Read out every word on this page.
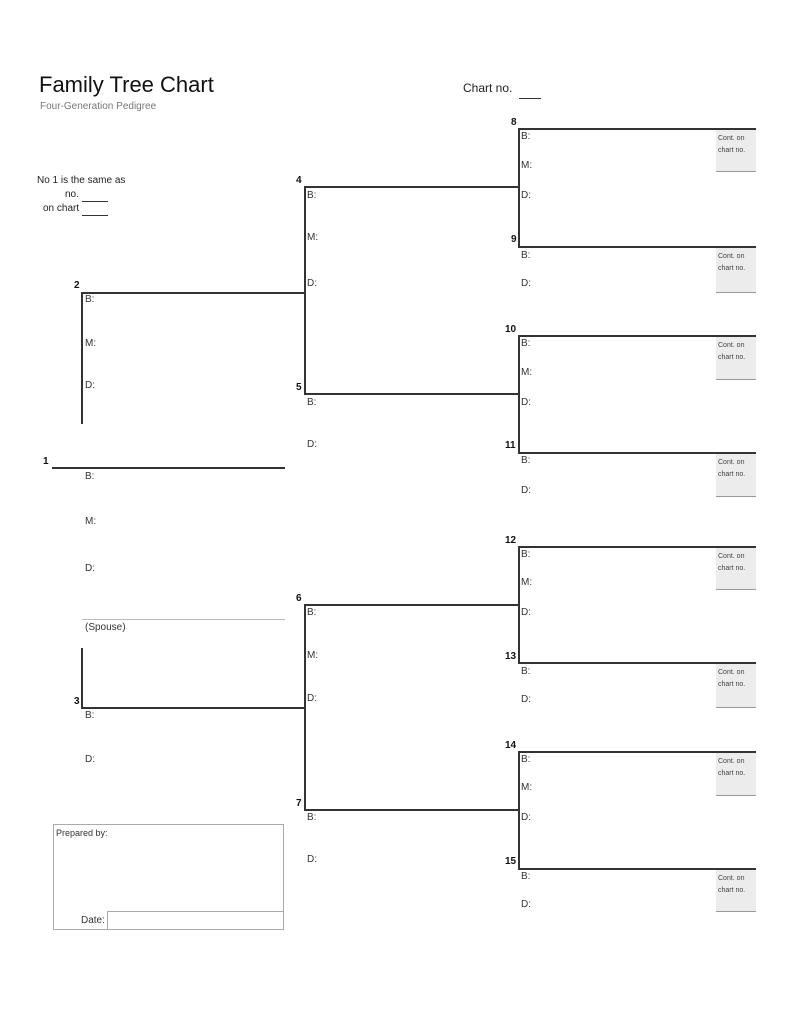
Family Tree Chart
Four-Generation Pedigree
Chart no.
No 1 is the same as
no.
on chart
1
B:
M:
D:
(Spouse)
2
B:
M:
D:
3
B:
D:
4
B:
M:
D:
5
B:
D:
6
B:
M:
D:
7
B:
D:
8
B:
M:
D:
Cont. on
chart no.
9
B:
D:
Cont. on
chart no.
10
B:
M:
D:
Cont. on
chart no.
11
B:
D:
Cont. on
chart no.
12
B:
M:
D:
Cont. on
chart no.
13
B:
D:
Cont. on
chart no.
14
B:
M:
D:
Cont. on
chart no.
15
B:
D:
Cont. on
chart no.
Prepared by:
Date:
